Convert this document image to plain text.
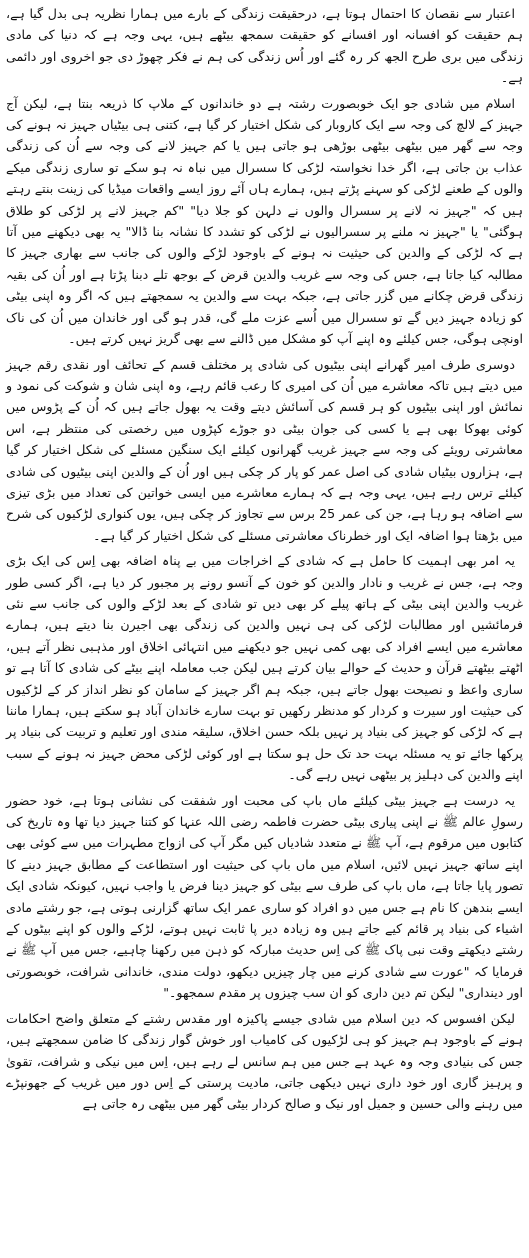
اعتبار سے نقصان کا احتمال ہوتا ہے، درحقیقت زندگی کے بارے میں ہمارا نظریہ ہی بدل گیا ہے، ہم حقیقت کو افسانہ اور افسانے کو حقیقت سمجھ بیٹھے ہیں، یہی وجہ ہے کہ دنیا کی مادی زندگی میں بری طرح الجھ کر رہ گئے اور اُس زندگی کی ہم نے فکر چھوڑ دی جو اخروی اور دائمی ہے۔

اسلام میں شادی جو ایک خوبصورت رشتہ ہے دو خاندانوں کے ملاپ کا ذریعہ بنتا ہے، لیکن آج جہیز کے لالچ کی وجہ سے ایک کاروبار کی شکل اختیار کر گیا ہے، کتنی ہی بیٹیاں جہیز نہ ہونے کی وجہ سے گھر میں بیٹھی بیٹھی بوڑھی ہو جاتی ہیں یا کم جہیز لانے کی وجہ سے اُن کی زندگی عذاب بن جاتی ہے، اگر خدا نخواستہ لڑکی کا سسرال میں نباہ نہ ہو سکے تو ساری زندگی میکے والوں کے طعنے لڑکی کو سہنے پڑتے ہیں، ہمارے ہاں آئے روز ایسے واقعات میڈیا کی زینت بنتے رہتے ہیں کہ "جہیز نہ لانے پر سسرال والوں نے دلہن کو جلا دیا" "کم جہیز لانے پر لڑکی کو طلاق ہوگئی" یا "جہیز نہ ملنے پر سسرالیوں نے لڑکی کو تشدد کا نشانہ بنا ڈالا" یہ بھی دیکھنے میں آتا ہے کہ لڑکی کے والدین کی حیثیت نہ ہونے کے باوجود لڑکے والوں کی جانب سے بھاری جہیز کا مطالبہ کیا جاتا ہے، جس کی وجہ سے غریب والدین قرض کے بوجھ تلے دبنا پڑتا ہے اور اُن کی بقیہ زندگی قرض چکانے میں گزر جاتی ہے، جبکہ بہت سے والدین یہ سمجھتے ہیں کہ اگر وہ اپنی بیٹی کو زیادہ جہیز دیں گے تو سسرال میں اُسے عزت ملے گی، قدر ہو گی اور خاندان میں اُن کی ناک اونچی ہوگی، جس کیلئے وہ اپنے آپ کو مشکل میں ڈالنے سے بھی گریز نہیں کرتے ہیں۔

دوسری طرف امیر گھرانے اپنی بیٹیوں کی شادی پر مختلف قسم کے تحائف اور نقدی رقم جہیز میں دیتے ہیں تاکہ معاشرے میں اُن کی امیری کا رعب قائم رہے، وہ اپنی شان و شوکت کی نمود و نمائش اور اپنی بیٹیوں کو ہر قسم کی آسائش دیتے وقت یہ بھول جاتے ہیں کہ اُن کے پڑوس میں کوئی بھوکا بھی ہے یا کسی کی جوان بیٹی دو جوڑے کپڑوں میں رخصتی کی منتظر ہے، اس معاشرتی رویئے کی وجہ سے جہیز غریب گھرانوں کیلئے ایک سنگین مسئلے کی شکل اختیار کر گیا ہے، ہزاروں بیٹیاں شادی کی اصل عمر کو پار کر چکی ہیں اور اُن کے والدین اپنی بیٹیوں کی شادی کیلئے ترس رہے ہیں، یہی وجہ ہے کہ ہمارے معاشرے میں ایسی خواتین کی تعداد میں بڑی تیزی سے اضافہ ہو رہا ہے، جن کی عمر 25 برس سے تجاوز کر چکی ہیں، یوں کنواری لڑکیوں کی شرح میں بڑھتا ہوا اضافہ ایک اور خطرناک معاشرتی مسئلے کی شکل اختیار کر گیا ہے۔

یہ امر بھی اہمیت کا حامل ہے کہ شادی کے اخراجات میں بے پناہ اضافہ بھی اِس کی ایک بڑی وجہ ہے، جس نے غریب و نادار والدین کو خون کے آنسو رونے پر مجبور کر دیا ہے، اگر کسی طور غریب والدین اپنی بیٹی کے ہاتھ پیلے کر بھی دیں تو شادی کے بعد لڑکے والوں کی جانب سے نئی فرمائشیں اور مطالبات لڑکی کی ہی نہیں والدین کی زندگی بھی اجیرن بنا دیتے ہیں، ہمارے معاشرے میں ایسے افراد کی بھی کمی نہیں جو دیکھنے میں انتہائی اخلاق اور مذہبی نظر آتے ہیں، اٹھتے بیٹھتے قرآن و حدیث کے حوالے بیان کرتے ہیں لیکن جب معاملہ اپنے بیٹے کی شادی کا آتا ہے تو ساری واعظ و نصیحت بھول جاتے ہیں، جبکہ ہم اگر جہیز کے سامان کو نظر انداز کر کے لڑکیوں کی حیثیت اور سیرت و کردار کو مدنظر رکھیں تو بہت سارے خاندان آباد ہو سکتے ہیں، ہمارا ماننا ہے کہ لڑکی کو جہیز کی بنیاد پر نہیں بلکہ حسن اخلاق، سلیقہ مندی اور تعلیم و تربیت کی بنیاد پر پرکھا جائے تو یہ مسئلہ بہت حد تک حل ہو سکتا ہے اور کوئی لڑکی محض جہیز نہ ہونے کے سبب اپنے والدین کی دہلیز پر بیٹھی نہیں رہے گی۔

یہ درست ہے جہیز بیٹی کیلئے ماں باپ کی محبت اور شفقت کی نشانی ہوتا ہے، خود حضور رسولِ عالم ﷺ نے اپنی پیاری بیٹی حضرت فاطمہ رضی اللہ عنہا کو کتنا جہیز دیا تھا وہ تاریخ کی کتابوں میں مرقوم ہے، آپ ﷺ نے متعدد شادیاں کیں مگر آپ کی ازواج مطہرات میں سے کوئی بھی اپنے ساتھ جہیز نہیں لائیں، اسلام میں ماں باپ کی حیثیت اور استطاعت کے مطابق جہیز دینے کا تصور پایا جاتا ہے، ماں باپ کی طرف سے بیٹی کو جہیز دینا فرض یا واجب نہیں، کیونکہ شادی ایک ایسے بندھن کا نام ہے جس میں دو افراد کو ساری عمر ایک ساتھ گزارنی ہوتی ہے، جو رشتے مادی اشیاء کی بنیاد پر قائم کیے جاتے ہیں وہ زیادہ دیر پا ثابت نہیں ہوتے، لڑکے والوں کو اپنے بیٹوں کے رشتے دیکھتے وقت نبی پاک ﷺ کی اِس حدیث مبارکہ کو ذہن میں رکھنا چاہیے، جس میں آپ ﷺ نے فرمایا کہ "عورت سے شادی کرنے میں چار چیزیں دیکھو، دولت مندی، خاندانی شرافت، خوبصورتی اور دینداری" لیکن تم دین داری کو ان سب چیزوں پر مقدم سمجھو۔"

لیکن افسوس کہ دین اسلام میں شادی جیسے پاکیزہ اور مقدس رشتے کے متعلق واضح احکامات ہونے کے باوجود ہم جہیز کو ہی لڑکیوں کی کامیاب اور خوش گوار زندگی کا ضامن سمجھتے ہیں، جس کی بنیادی وجہ وہ عہد ہے جس میں ہم سانس لے رہے ہیں، اِس میں نیکی و شرافت، تقویٰ و پرہیز گاری اور خود داری نہیں دیکھی جاتی، مادیت پرستی کے اِس دور میں غریب کے جھونپڑے میں رہنے والی حسین و جمیل اور نیک و صالح کردار بیٹی گھر میں بیٹھی رہ جاتی ہے
